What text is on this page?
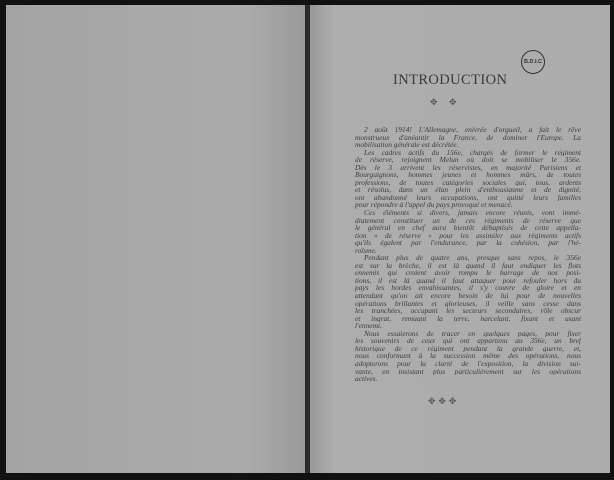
B.D.I.C
INTRODUCTION
✥    ✥
2 août 1914! L'Allemagne, enivrée d'orgueil, a fait le rêve
monstrueux d'anéantir la France, de dominer l'Europe. La
mobilisation générale est décrétée.
Les cadres actifs du 156e, chargés de former le régiment
de réserve, rejoignent Melun où doit se mobiliser le 356e.
Dès le 3 arrivent les réservistes, en majorité Parisiens et
Bourguignons, hommes jeunes et hommes mûrs, de toutes
professions, de toutes catégories sociales qui, tous, ardents
et résolus, dans un élan plein d'enthousiasme et de dignité,
ont abandonné leurs occupations, ont quitté leurs familles
pour répondre à l'appel du pays provoqué et menacé.
Ces éléments si divers, jamais encore réunis, vont immé-
diatement constituer un de ces régiments de réserve que
le général en chef aura bientôt débaptisés de cette appella-
tion « de réserve » pour les assimiler aux régiments actifs
qu'ils égalent par l'endurance, par la cohésion, par l'hé-
roïsme.
Pendant plus de quatre ans, presque sans repos, le 356e
est sur la brèche, il est là quand il faut endiguer les flots
ennemis qui croient avoir rompu le barrage de nos posi-
tions, il est là quand il faut attaquer pour refouler hors du
pays les hordes envahissantes, il s'y couvre de gloire et en
attendant qu'on ait encore besoin de lui pour de nouvelles
opérations brillantes et glorieuses, il veille sans cesse dans
les tranchées, occupant les secteurs secondaires, rôle obscur
et ingrat, remuant la terre, harcelant, fixant et usant
l'ennemi.
Nous essaierons de tracer en quelques pages, pour fixer
les souvenirs de ceux qui ont appartenu au 356e, un bref
historique de ce régiment pendant la grande guerre, et,
nous conformant à la succession même des opérations, nous
adopterons pour la clarté de l'exposition, la division sui-
vante, en insistant plus particulièrement sur les opérations
actives.
✥ ✥ ✥
